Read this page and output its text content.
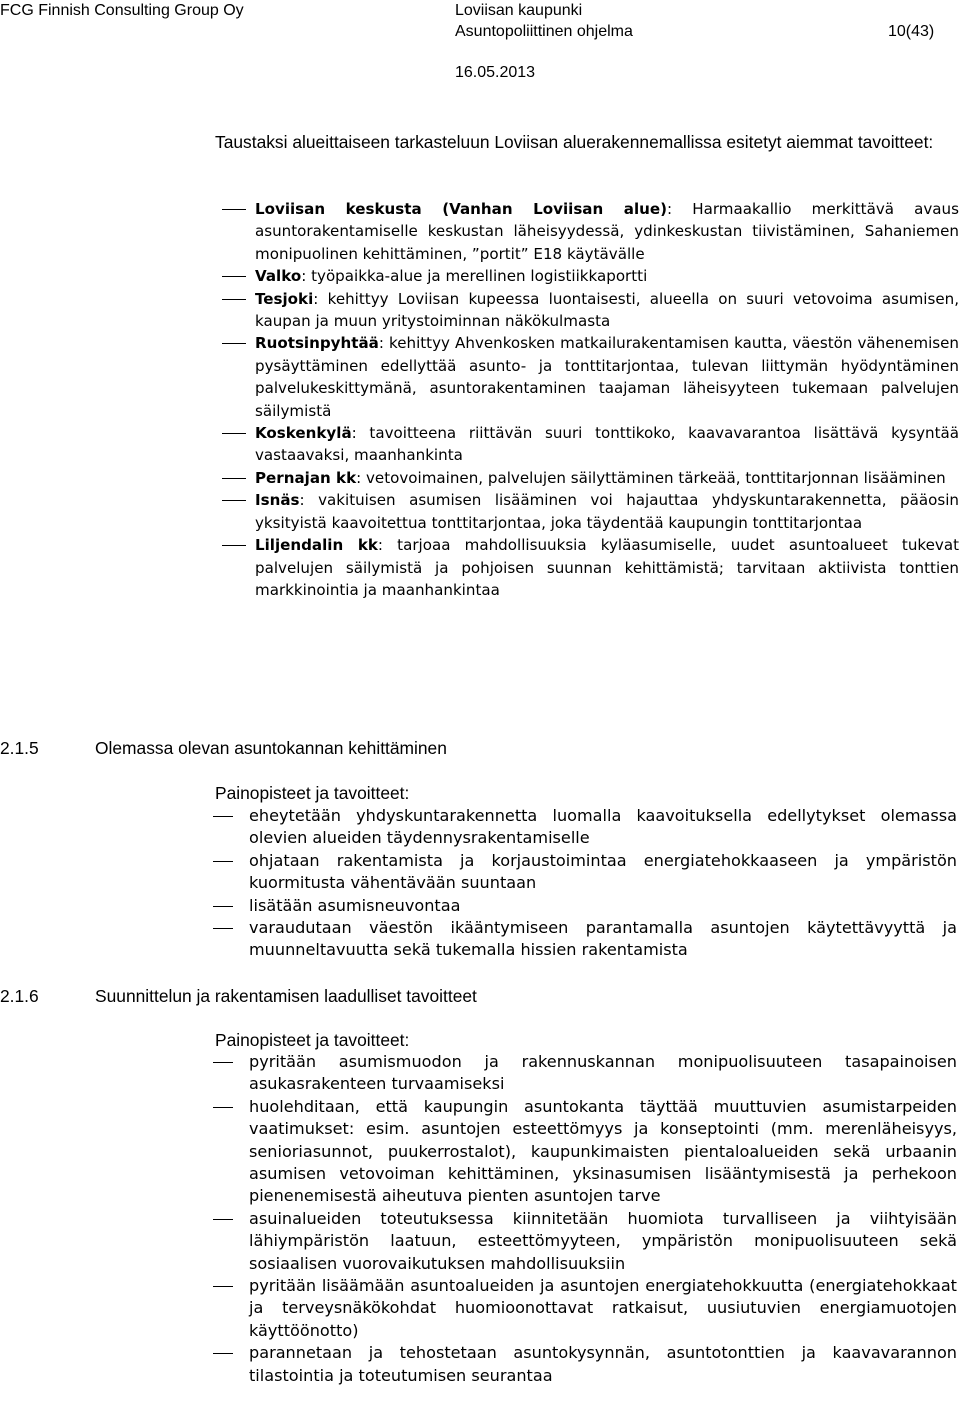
FCG Finnish Consulting Group Oy	Loviisan kaupunki
Asuntopoliittinen ohjelma	10(43)
16.05.2013
Taustaksi alueittaiseen tarkasteluun Loviisan aluerakennemallissa esitetyt aiemmat tavoitteet:
Loviisan keskusta (Vanhan Loviisan alue): Harmaakallio merkittävä avaus asuntorakentamiselle keskustan läheisyydessä, ydinkeskustan tiivistäminen, Sahaniemen monipuolinen kehittäminen, ”portit” E18 käytävälle
Valko: työpaikka-alue ja merellinen logistiikkaportti
Tesjoki: kehittyy Loviisan kupeessa luontaisesti, alueella on suuri vetovoima asumisen, kaupan ja muun yritystoiminnan näkökulmasta
Ruotsinpyhtää: kehittyy Ahvenkosken matkailurakentamisen kautta, väestön vähenemisen pysäyttäminen edellyttää asunto- ja tonttitarjontaa, tulevan liittymän hyödyntäminen palvelukeskittymänä, asuntorakentaminen taajaman läheisyyteen tukemaan palvelujen säilymistä
Koskenkylä: tavoitteena riittävän suuri tonttikoko, kaavavarantoa lisättävä kysyntää vastaavaksi, maanhankinta
Pernajan kk: vetovoimainen, palvelujen säilyttäminen tärkeää, tonttitarjonnan lisääminen
Isnäs: vakituisen asumisen lisääminen voi hajauttaa yhdyskuntarakennetta, pääosin yksityistä kaavoitettua tonttitarjontaa, joka täydentää kaupungin tonttitarjontaa
Liljendalin kk: tarjoaa mahdollisuuksia kyläasumiselle, uudet asuntoalueet tukevat palvelujen säilymistä ja pohjoisen suunnan kehittämistä; tarvitaan aktiivista tonttien markkinointia ja maanhankintaa
2.1.5	Olemassa olevan asuntokannan kehittäminen
Painopisteet ja tavoitteet:
eheytetään yhdyskuntarakennetta luomalla kaavoituksella edellytykset olemassa olevien alueiden täydennysrakentamiselle
ohjataan rakentamista ja korjaustoimintaa energiatehokkaaseen ja ympäristön kuormitusta vähentävään suuntaan
lisätään asumisneuvontaa
varaudutaan väestön ikääntymiseen parantamalla asuntojen käytettävyyttä ja muunneltavuutta sekä tukemalla hissien rakentamista
2.1.6	Suunnittelun ja rakentamisen laadulliset tavoitteet
Painopisteet ja tavoitteet:
pyritään asumismuodon ja rakennuskannan monipuolisuuteen tasapainoisen asukasrakenteen turvaamiseksi
huolehditaan, että kaupungin asuntokanta täyttää muuttuvien asumistarpeiden vaatimukset: esim. asuntojen esteettömyys ja konseptointi (mm. merenläheisyys, senioriasunnot, puukerrostalot), kaupunkimaisten pientaloalueiden sekä urbaanin asumisen vetovoiman kehittäminen, yksinasumisen lisääntymisestä ja perhekoon pienenemisestä aiheutuva pienten asuntojen tarve
asuinalueiden toteutuksessa kiinnitetään huomiota turvalliseen ja viihtyisään lähiympäristön laatuun, esteettömyyteen, ympäristön monipuolisuuteen sekä sosiaalisen vuorovaikutuksen mahdollisuuksiin
pyritään lisäämään asuntoalueiden ja asuntojen energiatehokkuutta (energiatehokkaat ja terveysnäkökohdat huomioonottavat ratkaisut, uusiutuvien energiamuotojen käyttöönotto)
parannetaan ja tehostetaan asuntokysynnän, asuntotonttien ja kaavavarannon tilastointia ja toteutumisen seurantaa
